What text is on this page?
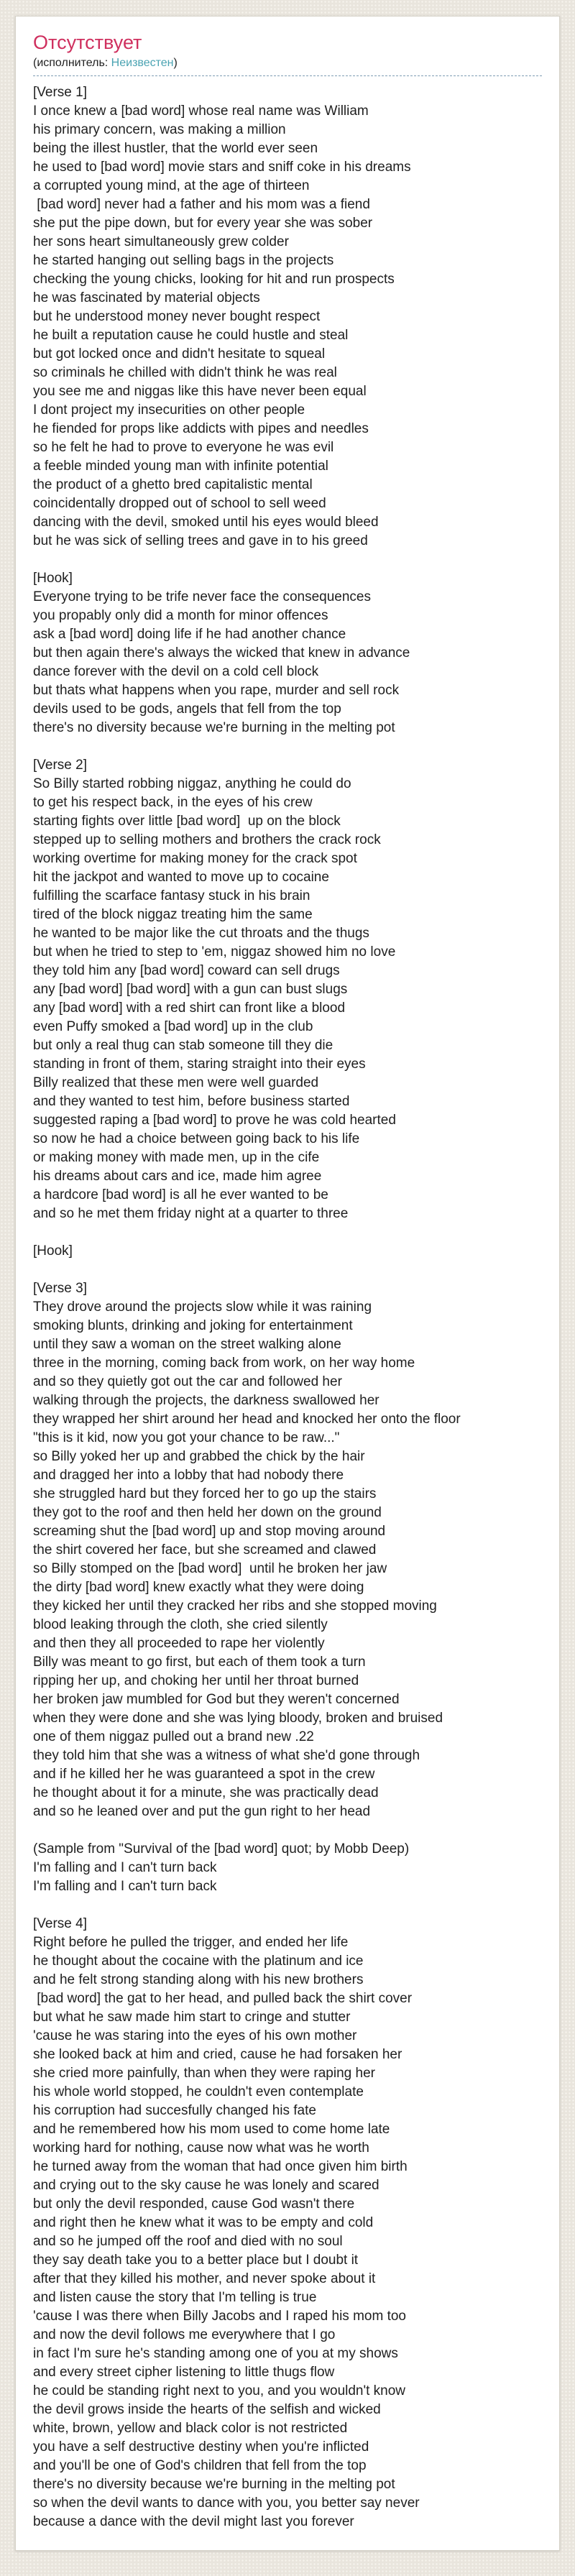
Отсутствует
(исполнитель: Неизвестен)
[Verse 1]
I once knew a [bad word] whose real name was William
his primary concern, was making a million
being the illest hustler, that the world ever seen
he used to [bad word] movie stars and sniff coke in his dreams
a corrupted young mind, at the age of thirteen
[bad word] never had a father and his mom was a fiend
she put the pipe down, but for every year she was sober
her sons heart simultaneously grew colder
he started hanging out selling bags in the projects
checking the young chicks, looking for hit and run prospects
he was fascinated by material objects
but he understood money never bought respect
he built a reputation cause he could hustle and steal
but got locked once and didn't hesitate to squeal
so criminals he chilled with didn't think he was real
you see me and niggas like this have never been equal
I dont project my insecurities on other people
he fiended for props like addicts with pipes and needles
so he felt he had to prove to everyone he was evil
a feeble minded young man with infinite potential
the product of a ghetto bred capitalistic mental
coincidentally dropped out of school to sell weed
dancing with the devil, smoked until his eyes would bleed
but he was sick of selling trees and gave in to his greed
[Hook]
Everyone trying to be trife never face the consequences
you propably only did a month for minor offences
ask a [bad word] doing life if he had another chance
but then again there's always the wicked that knew in advance
dance forever with the devil on a cold cell block
but thats what happens when you rape, murder and sell rock
devils used to be gods, angels that fell from the top
there's no diversity because we're burning in the melting pot
[Verse 2]
So Billy started robbing niggaz, anything he could do
to get his respect back, in the eyes of his crew
starting fights over little [bad word]  up on the block
stepped up to selling mothers and brothers the crack rock
working overtime for making money for the crack spot
hit the jackpot and wanted to move up to cocaine
fulfilling the scarface fantasy stuck in his brain
tired of the block niggaz treating him the same
he wanted to be major like the cut throats and the thugs
but when he tried to step to 'em, niggaz showed him no love
they told him any [bad word] coward can sell drugs
any [bad word] [bad word] with a gun can bust slugs
any [bad word] with a red shirt can front like a blood
even Puffy smoked a [bad word] up in the club
but only a real thug can stab someone till they die
standing in front of them, staring straight into their eyes
Billy realized that these men were well guarded
and they wanted to test him, before business started
suggested raping a [bad word] to prove he was cold hearted
so now he had a choice between going back to his life
or making money with made men, up in the cife
his dreams about cars and ice, made him agree
a hardcore [bad word] is all he ever wanted to be
and so he met them friday night at a quarter to three
[Hook]
[Verse 3]
They drove around the projects slow while it was raining
smoking blunts, drinking and joking for entertainment
until they saw a woman on the street walking alone
three in the morning, coming back from work, on her way home
and so they quietly got out the car and followed her
walking through the projects, the darkness swallowed her
they wrapped her shirt around her head and knocked her onto the floor
"this is it kid, now you got your chance to be raw..."
so Billy yoked her up and grabbed the chick by the hair
and dragged her into a lobby that had nobody there
she struggled hard but they forced her to go up the stairs
they got to the roof and then held her down on the ground
screaming shut the [bad word] up and stop moving around
the shirt covered her face, but she screamed and clawed
so Billy stomped on the [bad word]  until he broken her jaw
the dirty [bad word] knew exactly what they were doing
they kicked her until they cracked her ribs and she stopped moving
blood leaking through the cloth, she cried silently
and then they all proceeded to rape her violently
Billy was meant to go first, but each of them took a turn
ripping her up, and choking her until her throat burned
her broken jaw mumbled for God but they weren't concerned
when they were done and she was lying bloody, broken and bruised
one of them niggaz pulled out a brand new .22
they told him that she was a witness of what she'd gone through
and if he killed her he was guaranteed a spot in the crew
he thought about it for a minute, she was practically dead
and so he leaned over and put the gun right to her head
(Sample from "Survival of the [bad word] quot; by Mobb Deep)
I'm falling and I can't turn back
I'm falling and I can't turn back
[Verse 4]
Right before he pulled the trigger, and ended her life
he thought about the cocaine with the platinum and ice
and he felt strong standing along with his new brothers
[bad word] the gat to her head, and pulled back the shirt cover
but what he saw made him start to cringe and stutter
'cause he was staring into the eyes of his own mother
she looked back at him and cried, cause he had forsaken her
she cried more painfully, than when they were raping her
his whole world stopped, he couldn't even contemplate
his corruption had succesfully changed his fate
and he remembered how his mom used to come home late
working hard for nothing, cause now what was he worth
he turned away from the woman that had once given him birth
and crying out to the sky cause he was lonely and scared
but only the devil responded, cause God wasn't there
and right then he knew what it was to be empty and cold
and so he jumped off the roof and died with no soul
they say death take you to a better place but I doubt it
after that they killed his mother, and never spoke about it
and listen cause the story that I'm telling is true
'cause I was there when Billy Jacobs and I raped his mom too
and now the devil follows me everywhere that I go
in fact I'm sure he's standing among one of you at my shows
and every street cipher listening to little thugs flow
he could be standing right next to you, and you wouldn't know
the devil grows inside the hearts of the selfish and wicked
white, brown, yellow and black color is not restricted
you have a self destructive destiny when you're inflicted
and you'll be one of God's children that fell from the top
there's no diversity because we're burning in the melting pot
so when the devil wants to dance with you, you better say never
because a dance with the devil might last you forever
